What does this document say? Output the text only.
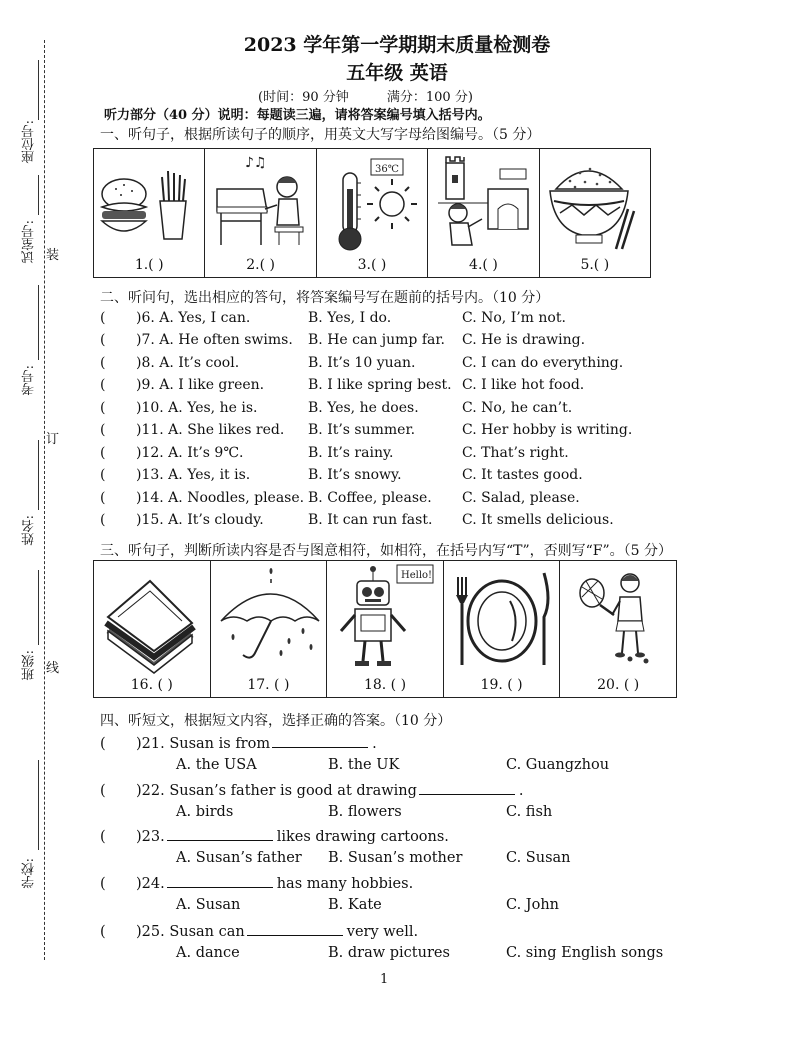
座位号:
试室号: 装
考号:
订
姓名:
班级: 线
学校:
2023 学年第一学期期末质量检测卷
五年级 英语
(时间：90 分钟	满分：100 分)
听力部分（40 分）说明：每题读三遍，请将答案编号填入括号内。
一、听句子，根据所读句子的顺序，用英文大写字母给图编号。（5 分）
1.( )
♪♫
2.( )
36℃
3.( )	4.( )	5.( )
二、听问句，选出相应的答句，将答案编号写在题前的括号内。（10 分）
( )6. A. Yes, I can.	B. Yes, I do.	C. No, I’m not.
( )7. A. He often swims. B. He can jump far. C. He is drawing.
( )8. A. It’s cool.	B. It’s 10 yuan.	C. I can do everything.
( )9. A. I like green.	B. I like spring best. C. I like hot food.
( )10. A. Yes, he is.	B. Yes, he does.	C. No, he can’t.
( )11. A. She likes red. B. It’s summer.	C. Her hobby is writing.
( )12. A. It’s 9℃.	B. It’s rainy.	C. That’s right.
( )13. A. Yes, it is.	B. It’s snowy.	C. It tastes good.
( )14. A. Noodles, please. B. Coffee, please. C. Salad, please.
( )15. A. It’s cloudy.	B. It can run fast. C. It smells delicious.
三、听句子，判断所读内容是否与图意相符，如相符，在括号内写“T”，否则写“F”。（5 分）
16. ( )	17. ( )
Hello!
18. ( )	19. ( )	20. ( )
四、听短文，根据短文内容，选择正确的答案。（10 分）
( )21. Susan is from	.
A. the USA	B. the UK	C. Guangzhou
( )22. Susan’s father is good at drawing	.
A. birds	B. flowers	C. fish
( )23.	likes drawing cartoons.
A. Susan’s father B. Susan’s mother	C. Susan
( )24.	has many hobbies.
A. Susan	B. Kate	C. John
( )25. Susan can	very well.
A. dance	B. draw pictures	C. sing English songs
1
